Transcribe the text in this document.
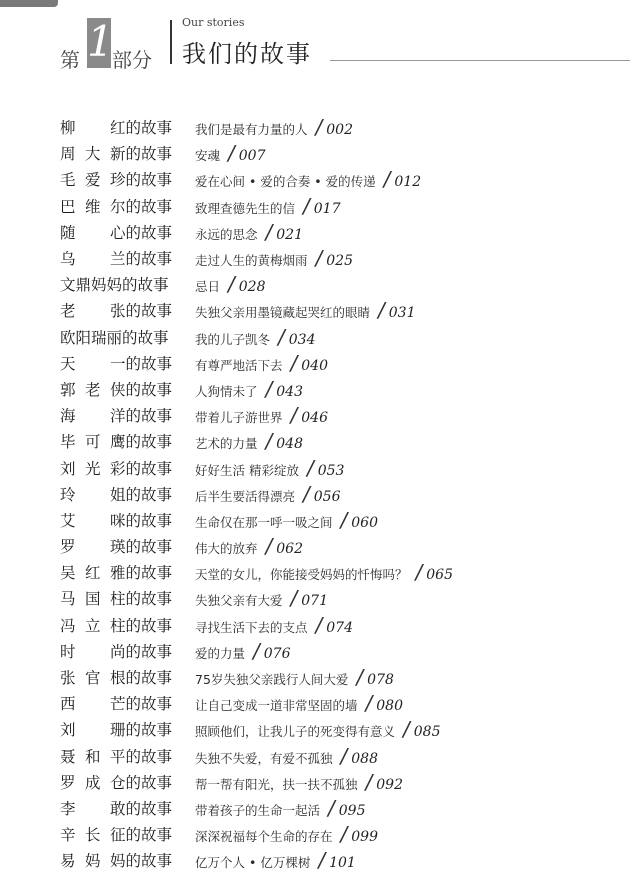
第 1
部分
Our stories
我们的故事
柳 红的故事 我们是最有力量的人 / 002
周 大 新的故事 安魂 / 007
毛 爱 珍的故事 爱在心间 • 爱的合奏 • 爱的传递 / 012
巴 维 尔的故事 致理查德先生的信 / 017
随 心的故事 永远的思念 / 021
乌 兰的故事 走过人生的黄梅烟雨 / 025
文鼎妈妈的故事 忌日 / 028
老 张的故事 失独父亲用墨镜藏起哭红的眼睛 / 031
欧阳瑞丽的故事 我的儿子凯冬 / 034
天 一的故事 有尊严地活下去 / 040
郭 老 侠的故事 人狗情未了 / 043
海 洋的故事 带着儿子游世界 / 046
毕 可 鹰的故事 艺术的力量 / 048
刘 光 彩的故事 好好生活 精彩绽放 / 053
玲 姐的故事 后半生要活得漂亮 / 056
艾 咪的故事 生命仅在那一呼一吸之间 / 060
罗 瑛的故事 伟大的放弃 / 062
吴 红 雅的故事 天堂的女儿，你能接受妈妈的忏悔吗？ / 065
马 国 柱的故事 失独父亲有大爱 / 071
冯 立 柱的故事 寻找生活下去的支点 / 074
时 尚的故事 爱的力量 / 076
张 官 根的故事 75岁失独父亲践行人间大爱 / 078
西 芒的故事 让自己变成一道非常坚固的墙 / 080
刘 珊的故事 照顾他们，让我儿子的死变得有意义 / 085
聂 和 平的故事 失独不失爱，有爱不孤独 / 088
罗 成 仓的故事 帮一帮有阳光，扶一扶不孤独 / 092
李 敢的故事 带着孩子的生命一起活 / 095
辛 长 征的故事 深深祝福每个生命的存在 / 099
易 妈 妈的故事 亿万个人 • 亿万棵树 / 101
